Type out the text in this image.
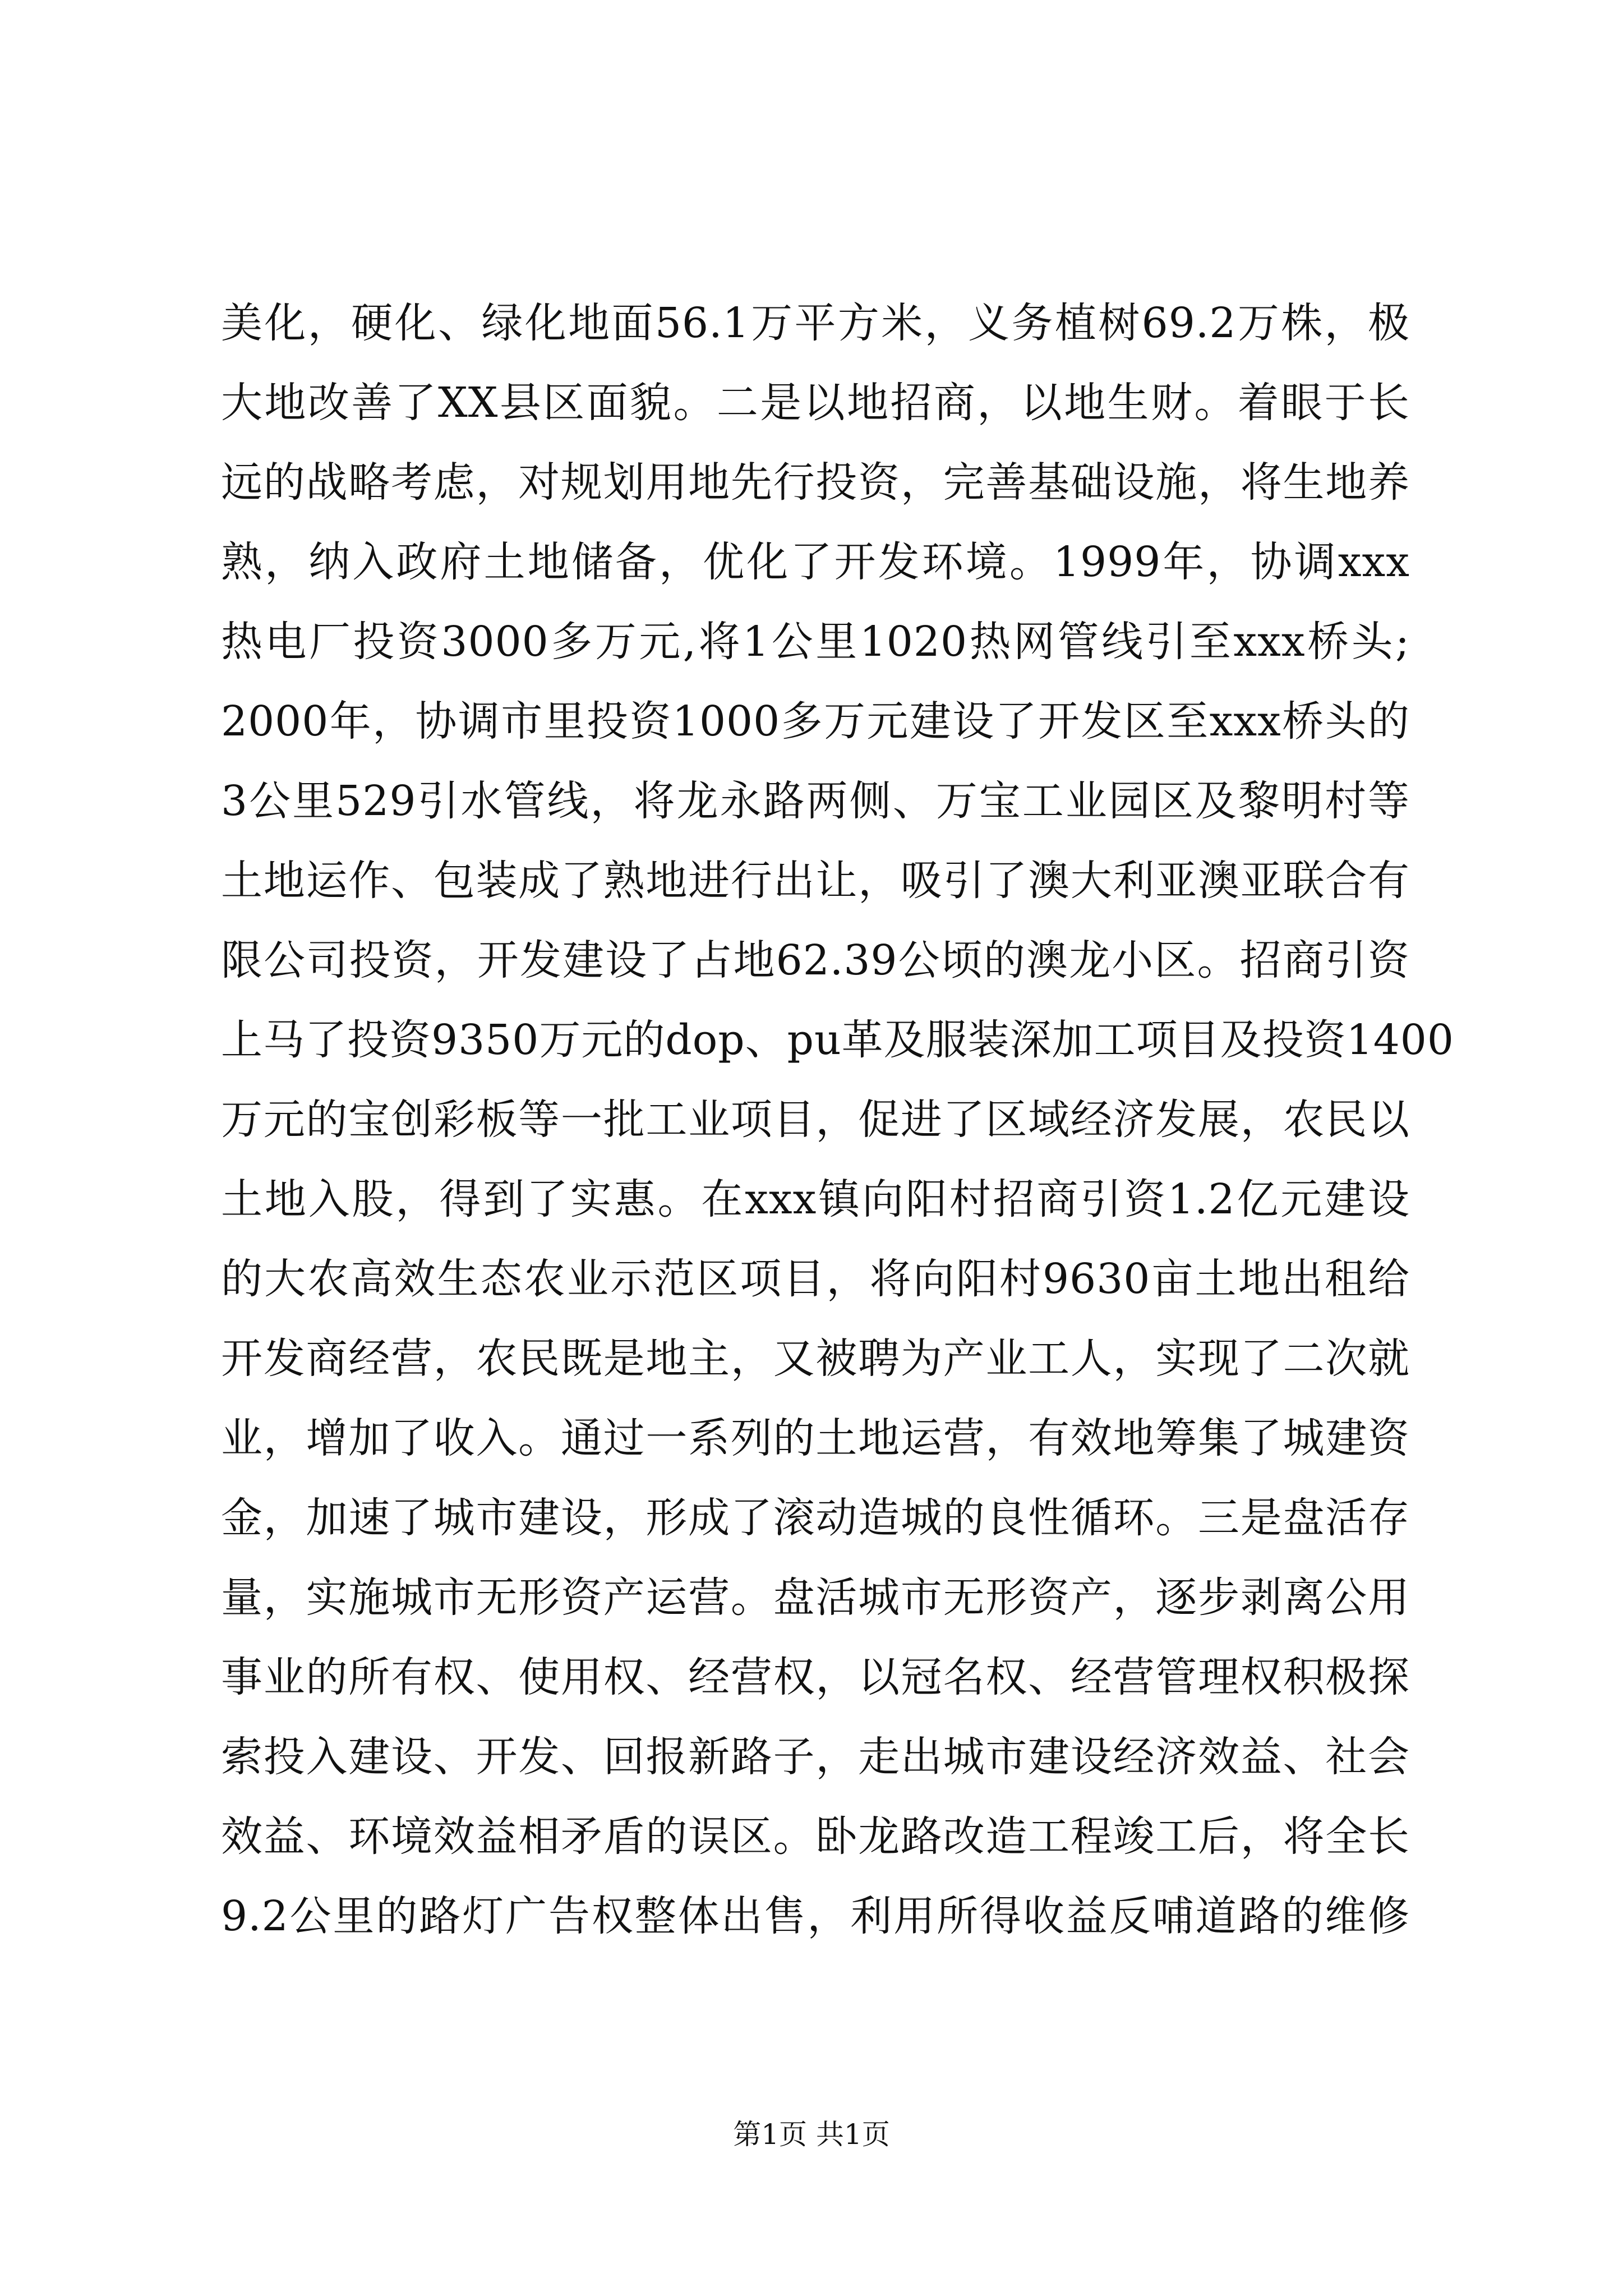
美化，硬化、绿化地面56.1万平方米，义务植树69.2万株，极
大地改善了XX县区面貌。二是以地招商，以地生财。着眼于长
远的战略考虑，对规划用地先行投资，完善基础设施，将生地养
熟，纳入政府土地储备，优化了开发环境。1999年，协调xxx
热电厂投资3000多万元,将1公里1020热网管线引至xxx桥头;
2000年，协调市里投资1000多万元建设了开发区至xxx桥头的
3公里529引水管线，将龙永路两侧、万宝工业园区及黎明村等
土地运作、包装成了熟地进行出让，吸引了澳大利亚澳亚联合有
限公司投资，开发建设了占地62.39公顷的澳龙小区。招商引资
上马了投资9350万元的dop、pu革及服装深加工项目及投资1400
万元的宝创彩板等一批工业项目，促进了区域经济发展，农民以
土地入股，得到了实惠。在xxx镇向阳村招商引资1.2亿元建设
的大农高效生态农业示范区项目，将向阳村9630亩土地出租给
开发商经营，农民既是地主，又被聘为产业工人，实现了二次就
业，增加了收入。通过一系列的土地运营，有效地筹集了城建资
金，加速了城市建设，形成了滚动造城的良性循环。三是盘活存
量，实施城市无形资产运营。盘活城市无形资产，逐步剥离公用
事业的所有权、使用权、经营权，以冠名权、经营管理权积极探
索投入建设、开发、回报新路子，走出城市建设经济效益、社会
效益、环境效益相矛盾的误区。卧龙路改造工程竣工后，将全长
9.2公里的路灯广告权整体出售，利用所得收益反哺道路的维修
第1页 共1页
